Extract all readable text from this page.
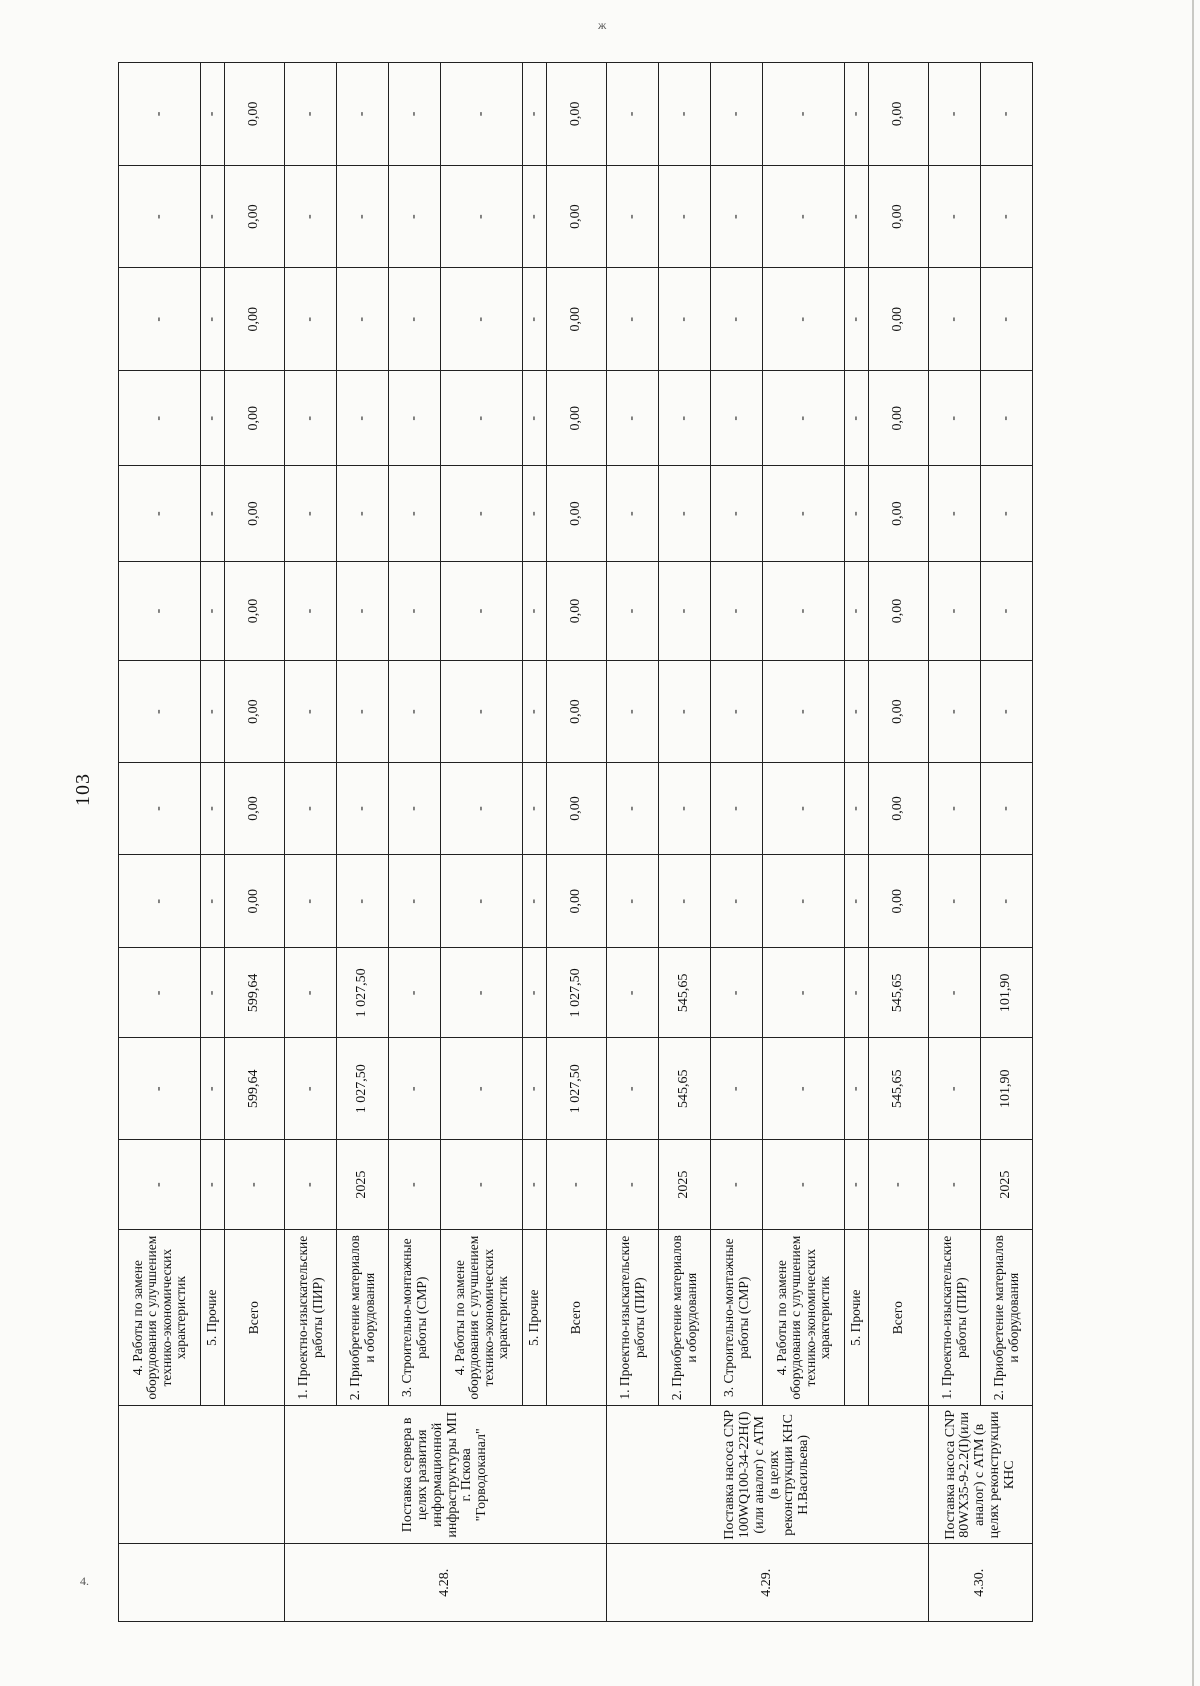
103
ж
4.
		4. Работы по замене оборудования с улучшением технико-экономических характеристик	-	-	-	-	-	-	-	-	-	-	-	-
		5. Прочие	-	-	-	-	-	-	-	-	-	-	-	-
		Всего	-	599,64	599,64	0,00	0,00	0,00	0,00	0,00	0,00	0,00	0,00	0,00
4.28.	Поставка сервера в целях развития информационной инфраструктуры МП г. Пскова "Горводоканал"	1. Проектно-изыскательские работы (ПИР)	-	-	-	-	-	-	-	-	-	-	-	-
		2. Приобретение материалов и оборудования	2025	1 027,50	1 027,50	-	-	-	-	-	-	-	-	-
		3. Строительно-монтажные работы (СМР)	-	-	-	-	-	-	-	-	-	-	-	-
		4. Работы по замене оборудования с улучшением технико-экономических характеристик	-	-	-	-	-	-	-	-	-	-	-	-
		5. Прочие	-	-	-	-	-	-	-	-	-	-	-	-
		Всего	-	1 027,50	1 027,50	0,00	0,00	0,00	0,00	0,00	0,00	0,00	0,00	0,00
4.29.	Поставка насоса CNP 100WQ100-34-22H(I)(или аналог) с АТМ (в целях реконструкции КНС Н.Васильева)	1. Проектно-изыскательские работы (ПИР)	-	-	-	-	-	-	-	-	-	-	-	-
		2. Приобретение материалов и оборудования	2025	545,65	545,65	-	-	-	-	-	-	-	-	-
		3. Строительно-монтажные работы (СМР)	-	-	-	-	-	-	-	-	-	-	-	-
		4. Работы по замене оборудования с улучшением технико-экономических характеристик	-	-	-	-	-	-	-	-	-	-	-	-
		5. Прочие	-	-	-	-	-	-	-	-	-	-	-	-
		Всего	-	545,65	545,65	0,00	0,00	0,00	0,00	0,00	0,00	0,00	0,00	0,00
4.30.	Поставка насоса CNP 80WX35-9-2.2(I)(или аналог) с АТМ (в целях реконструкции КНС	1. Проектно-изыскательские работы (ПИР)	-	-	-	-	-	-	-	-	-	-	-	-
		2. Приобретение материалов и оборудования	2025	101,90	101,90	-	-	-	-	-	-	-	-	-
